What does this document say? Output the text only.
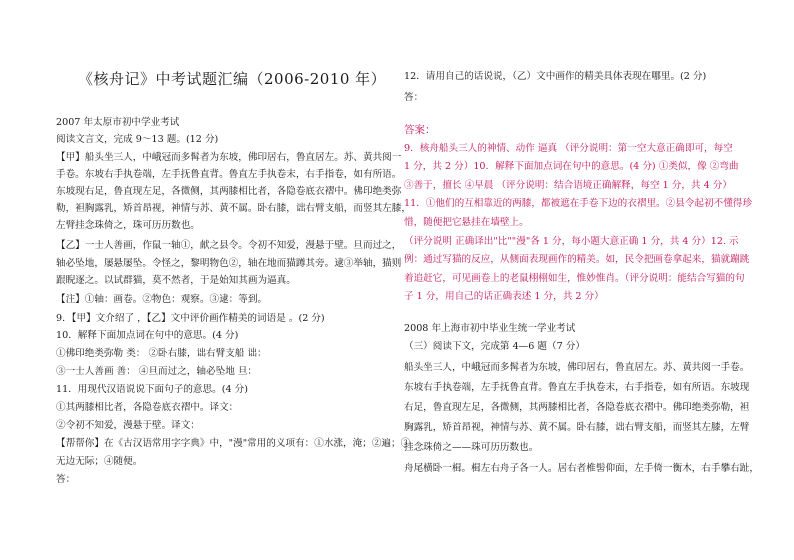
《核舟记》中考试题汇编（2006-2010 年）
2007 年太原市初中学业考试
阅读文言文，完成 9～13 题。(12 分)
【甲】船头坐三人，中峨冠而多髯者为东坡，佛印居右，鲁直居左。苏、黄共阅一
手卷。东坡右手执卷端，左手抚鲁直背。鲁直左手执卷末，右手指卷，如有所语。
东坡现右足，鲁直现左足，各微侧，其两膝相比者，各隐卷底衣褶中。佛印绝类弥
勒，袒胸露乳，矫首昂视，神情与苏、黄不属。卧右膝，诎右臂支船，而竖其左膝，
左臂挂念珠倚之，珠可历历数也。
【乙】一士人善画，作鼠一轴①，献之县令。令初不知爱，漫悬于壁。旦而过之，
轴必坠地，屡悬屡坠。令怪之，黎明物色②，轴在地而猫蹲其旁。逮③举轴，猫则
跟睨逐之。以试群猫，莫不然者，于是始知其画为逼真。
【注】①轴：画卷。②物色：观察。③逮：等到。
9．【甲】文介绍了 ，【乙】文中评价画作精美的词语是 。(2 分)
10．解释下面加点词在句中的意思。(4 分)
①佛印绝类弥勒 类： ②卧右膝，诎右臂支船 诎：
③一士人善画 善： ④旦而过之，轴必坠地 旦：
11．用现代汉语说说下面句子的意思。(4 分)
①其两膝相比者，各隐卷底衣褶中。译文：
②令初不知爱，漫悬于壁。译文：
【帮帮你】在《古汉语常用字字典》中，"漫"常用的义项有：①水涨，淹；②遍；③
无边无际；④随便。
答：
12．请用自己的话说说，（乙）文中画作的精美具体表现在哪里。(2 分)
答：
答案：
9．核舟船头三人的神情、动作 逼真 （评分说明：第一空大意正确即可，每空
1 分，共 2 分）10．解释下面加点词在句中的意思。(4 分) ①类似，像 ②弯曲
③善于，擅长 ④早晨 （评分说明：结合语境正确解释，每空 1 分，共 4 分）
11．①他们的互相靠近的两膝，都被遮在手卷下边的衣褶里。②县令起初不懂得珍
惜，随便把它悬挂在墙壁上。
（评分说明 正确译出"比""漫"各 1 分，每小题大意正确 1 分，共 4 分）12. 示
例：通过写猫的反应，从侧面表现画作的精美。如，民令把画卷拿起来，猫就蹦跳
着追赶它，可见画卷上的老鼠栩栩如生，惟妙惟肖。（评分说明：能结合写猫的句
子 1 分，用自己的话正确表述 1 分，共 2 分）
2008 年上海市初中毕业生统一学业考试
（三）阅读下文，完成第 4—6 题（7 分）
船头坐三人，中峨冠而多髯者为东坡，佛印居右，鲁直居左。苏、黄共阅一手卷。
东坡右手执卷端，左手抚鲁直背。鲁直左手执卷末，右手指卷，如有所语。东坡现
右足，鲁直现左足，各微侧，其两膝相比者，各隐卷底衣褶中。佛印绝类弥勒，袒
胸露乳，矫首昂视，神情与苏、黄不属。卧右膝，诎右臂支船，而竖其左膝，左臂
挂念珠倚之——珠可历历数也。
舟尾横卧一楫。楫左右舟子各一人。居右者椎髻仰面，左手倚一衡木，右手攀右趾，
